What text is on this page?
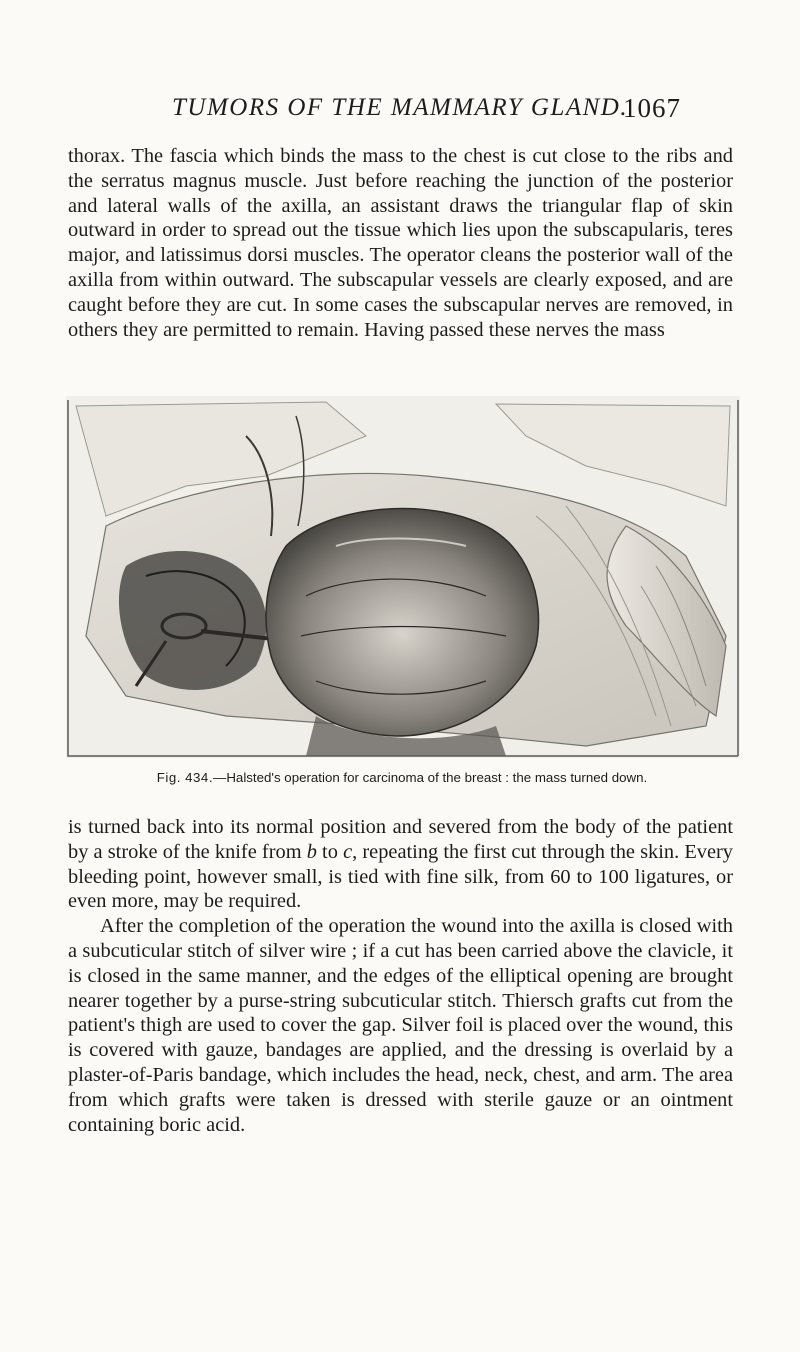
TUMORS OF THE MAMMARY GLAND.
1067

thorax. The fascia which binds the mass to the chest is cut close to the ribs and the serratus magnus muscle. Just before reaching the junction of the posterior and lateral walls of the axilla, an assistant draws the triangular flap of skin outward in order to spread out the tissue which lies upon the subscapularis, teres major, and latissimus dorsi muscles. The operator cleans the posterior wall of the axilla from within outward. The subscapular vessels are clearly exposed, and are caught before they are cut. In some cases the subscapular nerves are removed, in others they are permitted to remain. Having passed these nerves the mass

Fig. 434.—Halsted's operation for carcinoma of the breast : the mass turned down.

is turned back into its normal position and severed from the body of the patient by a stroke of the knife from b to c, repeating the first cut through the skin. Every bleeding point, however small, is tied with fine silk, from 60 to 100 ligatures, or even more, may be required.

After the completion of the operation the wound into the axilla is closed with a subcuticular stitch of silver wire ; if a cut has been carried above the clavicle, it is closed in the same manner, and the edges of the elliptical opening are brought nearer together by a purse-string subcuticular stitch. Thiersch grafts cut from the patient's thigh are used to cover the gap. Silver foil is placed over the wound, this is covered with gauze, bandages are applied, and the dressing is overlaid by a plaster-of-Paris bandage, which includes the head, neck, chest, and arm. The area from which grafts were taken is dressed with sterile gauze or an ointment containing boric acid.
